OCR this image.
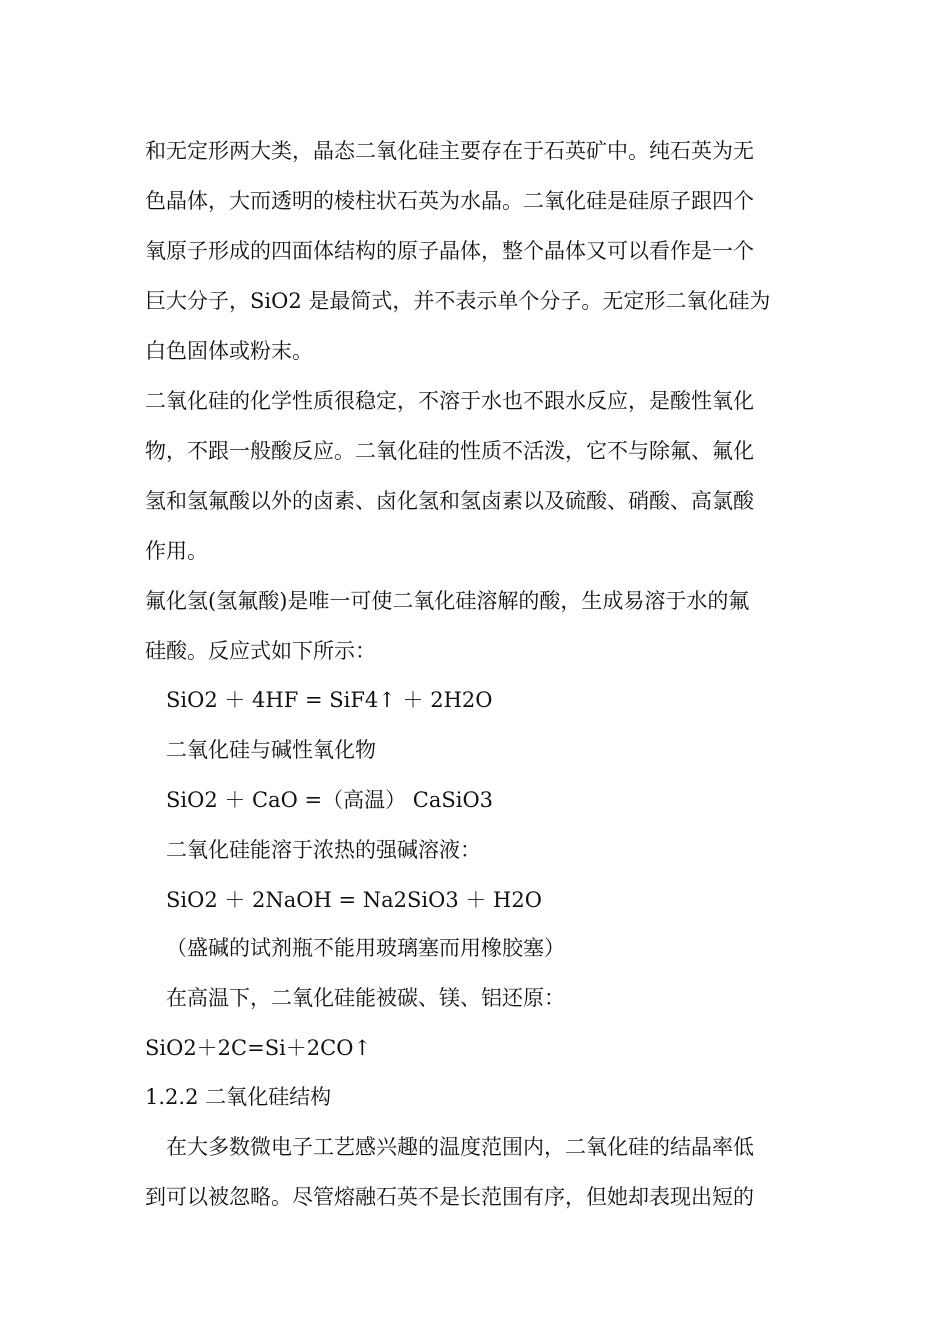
和无定形两大类，晶态二氧化硅主要存在于石英矿中。纯石英为无
色晶体，大而透明的棱柱状石英为水晶。二氧化硅是硅原子跟四个
氧原子形成的四面体结构的原子晶体，整个晶体又可以看作是一个
巨大分子，SiO2 是最简式，并不表示单个分子。无定形二氧化硅为
白色固体或粉末。
二氧化硅的化学性质很稳定，不溶于水也不跟水反应，是酸性氧化
物，不跟一般酸反应。二氧化硅的性质不活泼，它不与除氟、氟化
氢和氢氟酸以外的卤素、卤化氢和氢卤素以及硫酸、硝酸、高氯酸
作用。
氟化氢(氢氟酸)是唯一可使二氧化硅溶解的酸，生成易溶于水的氟
硅酸。反应式如下所示：
SiO2 ＋ 4HF = SiF4↑ ＋ 2H2O
二氧化硅与碱性氧化物
SiO2 ＋ CaO =（高温） CaSiO3
二氧化硅能溶于浓热的强碱溶液：
SiO2 ＋ 2NaOH = Na2SiO3 ＋ H2O
（盛碱的试剂瓶不能用玻璃塞而用橡胶塞）
在高温下，二氧化硅能被碳、镁、铝还原：
SiO2＋2C=Si＋2CO↑
1.2.2 二氧化硅结构
在大多数微电子工艺感兴趣的温度范围内，二氧化硅的结晶率低
到可以被忽略。尽管熔融石英不是长范围有序，但她却表现出短的
